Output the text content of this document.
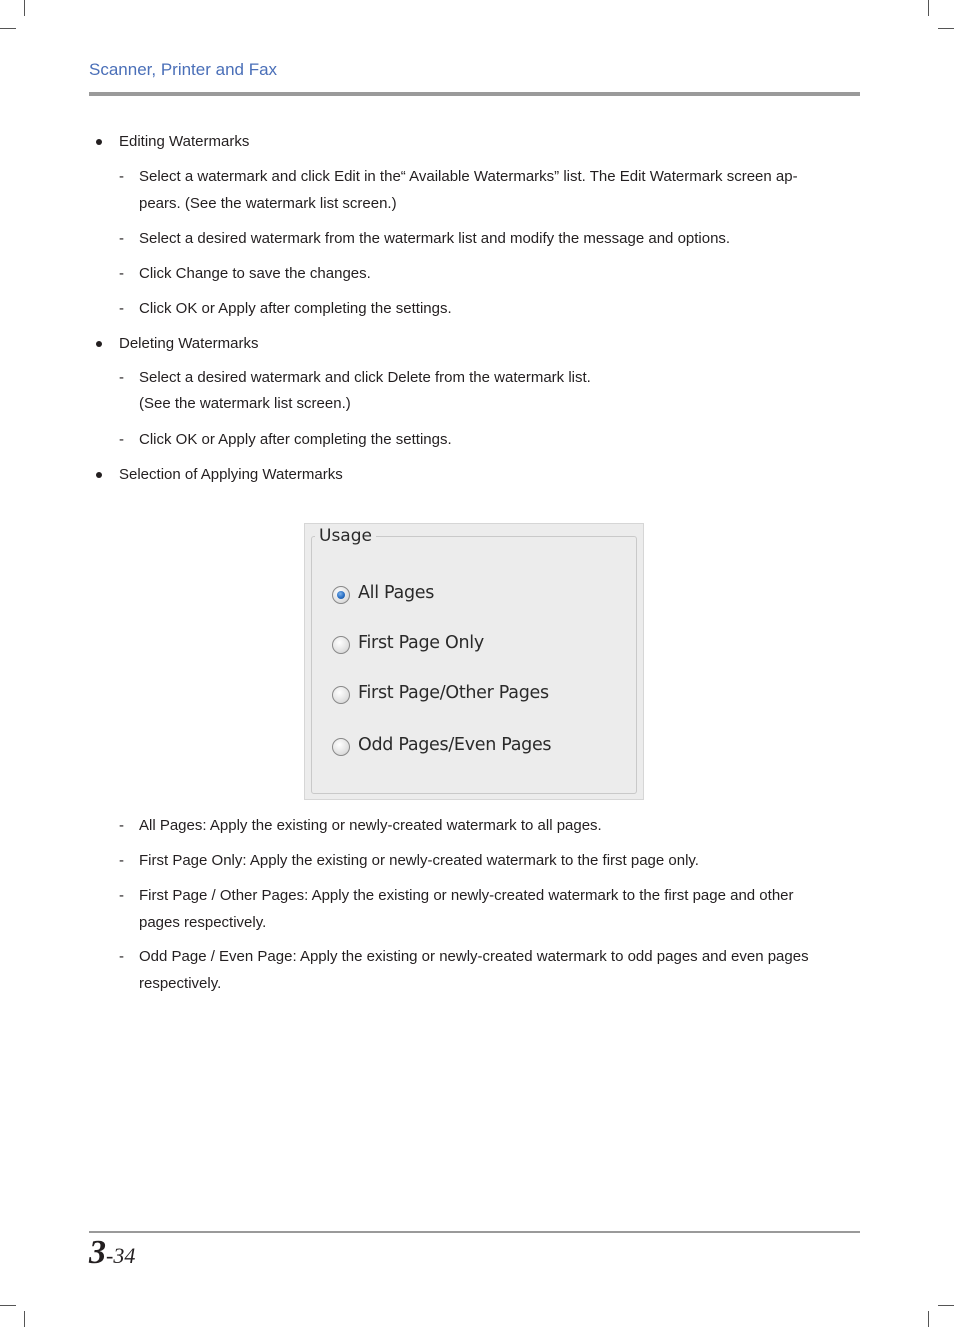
Scanner, Printer and Fax
Editing Watermarks
- Select a watermark and click Edit in the“ Available Watermarks” list. The Edit Watermark screen ap-
pears. (See the watermark list screen.)
- Select a desired watermark from the watermark list and modify the message and options.
- Click Change to save the changes.
- Click OK or Apply after completing the settings.
Deleting Watermarks
- Select a desired watermark and click Delete from the watermark list.
(See the watermark list screen.)
- Click OK or Apply after completing the settings.
Selection of Applying Watermarks
Usage
All Pages
First Page Only
First Page/Other Pages
Odd Pages/Even Pages
- All Pages: Apply the existing or newly-created watermark to all pages.
- First Page Only: Apply the existing or newly-created watermark to the first page only.
- First Page / Other Pages: Apply the existing or newly-created watermark to the first page and other
pages respectively.
- Odd Page / Even Page: Apply the existing or newly-created watermark to odd pages and even pages
respectively.
3-34
